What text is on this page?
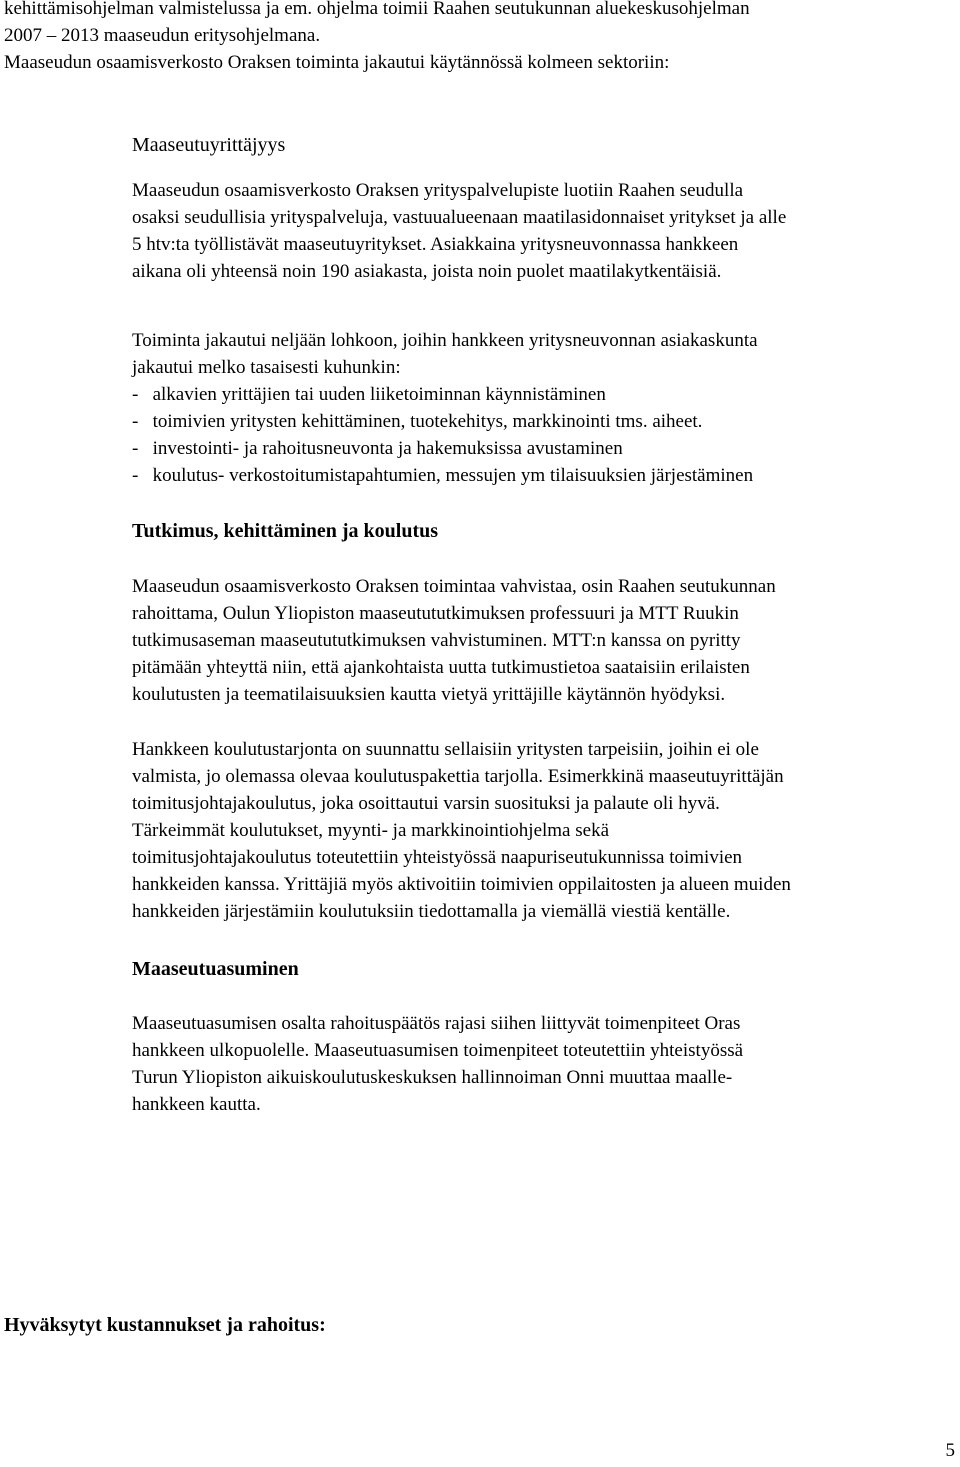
kehittämisohjelman valmistelussa ja em. ohjelma toimii Raahen seutukunnan aluekeskusohjelman
2007 – 2013 maaseudun eritysohjelmana.

Maaseudun osaamisverkosto Oraksen toiminta jakautui käytännössä kolmeen sektoriin:

Maaseutuyrittäjyys

Maaseudun osaamisverkosto Oraksen yrityspalvelupiste luotiin Raahen seudulla
osaksi seudullisia yrityspalveluja, vastuualueenaan maatilasidonnaiset yritykset ja alle
5 htv:ta työllistävät maaseutuyritykset. Asiakkaina yritysneuvonnassa hankkeen
aikana oli yhteensä noin 190 asiakasta, joista noin puolet maatilakytkentäisiä.

Toiminta jakautui neljään lohkoon, joihin hankkeen yritysneuvonnan asiakaskunta
jakautui melko tasaisesti kuhunkin:
-   alkavien yrittäjien tai uuden liiketoiminnan käynnistäminen
-   toimivien yritysten kehittäminen, tuotekehitys, markkinointi tms. aiheet.
-   investointi- ja rahoitusneuvonta ja hakemuksissa avustaminen
-   koulutus- verkostoitumistapahtumien, messujen ym tilaisuuksien järjestäminen

Tutkimus, kehittäminen ja koulutus

Maaseudun osaamisverkosto Oraksen toimintaa vahvistaa, osin Raahen seutukunnan
rahoittama, Oulun Yliopiston maaseutututkimuksen professuuri ja MTT Ruukin
tutkimusaseman maaseutututkimuksen vahvistuminen. MTT:n kanssa on pyritty
pitämään yhteyttä niin, että ajankohtaista uutta tutkimustietoa saataisiin erilaisten
koulutusten ja teematilaisuuksien kautta vietyä yrittäjille käytännön hyödyksi.

Hankkeen koulutustarjonta on suunnattu sellaisiin yritysten tarpeisiin, joihin ei ole
valmista, jo olemassa olevaa koulutuspakettia tarjolla. Esimerkkinä maaseutuyrittäjän
toimitusjohtajakoulutus, joka osoittautui varsin suosituksi ja palaute oli hyvä.
Tärkeimmät koulutukset, myynti- ja markkinointiohjelma sekä
toimitusjohtajakoulutus toteutettiin yhteistyössä naapuriseutukunnissa toimivien
hankkeiden kanssa. Yrittäjiä myös aktivoitiin toimivien oppilaitosten ja alueen muiden
hankkeiden järjestämiin koulutuksiin tiedottamalla ja viemällä viestiä kentälle.

Maaseutuasuminen

Maaseutuasumisen osalta rahoituspäätös rajasi siihen liittyvät toimenpiteet Oras
hankkeen ulkopuolelle. Maaseutuasumisen toimenpiteet toteutettiin yhteistyössä
Turun Yliopiston aikuiskoulutuskeskuksen hallinnoiman Onni muuttaa maalle-
hankkeen kautta.

Hyväksytyt kustannukset ja rahoitus:
5
